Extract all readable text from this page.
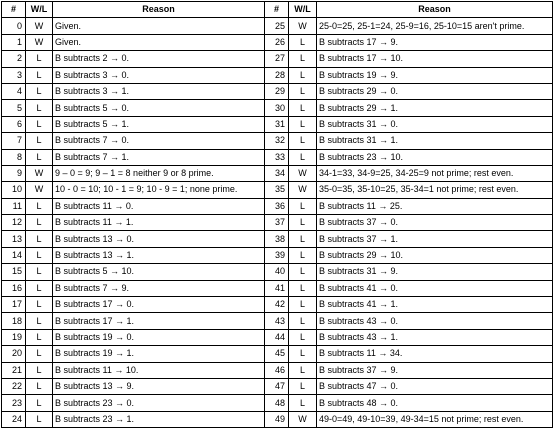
#	W/L	Reason	#	W/L	Reason
0	W	Given.	25	W	25-0=25, 25-1=24, 25-9=16, 25-10=15 aren't prime.
1	W	Given.	26	L	B subtracts 17 → 9.
2	L	B subtracts 2 → 0.	27	L	B subtracts 17 → 10.
3	L	B subtracts 3 → 0.	28	L	B subtracts 19 → 9.
4	L	B subtracts 3 → 1.	29	L	B subtracts 29 → 0.
5	L	B subtracts 5 → 0.	30	L	B subtracts 29 → 1.
6	L	B subtracts 5 → 1.	31	L	B subtracts 31 → 0.
7	L	B subtracts 7 → 0.	32	L	B subtracts 31 → 1.
8	L	B subtracts 7 → 1.	33	L	B subtracts 23 → 10.
9	W	9 – 0 = 9; 9 – 1 = 8 neither 9 or 8 prime.	34	W	34-1=33, 34-9=25, 34-25=9 not prime; rest even.
10	W	10 - 0 = 10; 10 - 1 = 9; 10 - 9 = 1; none prime.	35	W	35-0=35, 35-10=25, 35-34=1 not prime; rest even.
11	L	B subtracts 11 → 0.	36	L	B subtracts 11 → 25.
12	L	B subtracts 11 → 1.	37	L	B subtracts 37 → 0.
13	L	B subtracts 13 → 0.	38	L	B subtracts 37 → 1.
14	L	B subtracts 13 → 1.	39	L	B subtracts 29 → 10.
15	L	B subtracts 5 → 10.	40	L	B subtracts 31 → 9.
16	L	B subtracts 7 → 9.	41	L	B subtracts 41 → 0.
17	L	B subtracts 17 → 0.	42	L	B subtracts 41 → 1.
18	L	B subtracts 17 → 1.	43	L	B subtracts 43 → 0.
19	L	B subtracts 19 → 0.	44	L	B subtracts 43 → 1.
20	L	B subtracts 19 → 1.	45	L	B subtracts 11 → 34.
21	L	B subtracts 11 → 10.	46	L	B subtracts 37 → 9.
22	L	B subtracts 13 → 9.	47	L	B subtracts 47 → 0.
23	L	B subtracts 23 → 0.	48	L	B subtracts 48 → 0.
24	L	B subtracts 23 → 1.	49	W	49-0=49, 49-10=39, 49-34=15 not prime; rest even.
